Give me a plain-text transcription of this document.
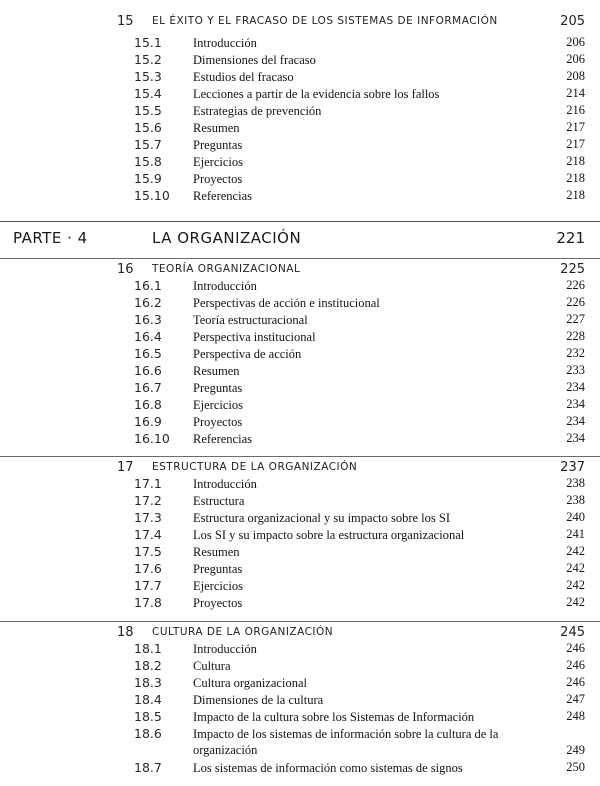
15 EL ÉXITO Y EL FRACASO DE LOS SISTEMAS DE INFORMACIÓN	205
15.1	Introducción	206
15.2	Dimensiones del fracaso	206
15.3	Estudios del fracaso	208
15.4	Lecciones a partir de la evidencia sobre los fallos	214
15.5	Estrategias de prevención	216
15.6	Resumen	217
15.7	Preguntas	217
15.8	Ejercicios	218
15.9	Proyectos	218
15.10	Referencias	218
PARTE · 4	LA ORGANIZACIÓN	221
16 TEORÍA ORGANIZACIONAL	225
16.1	Introducción	226
16.2	Perspectivas de acción e institucional	226
16.3	Teoría estructuracional	227
16.4	Perspectiva institucional	228
16.5	Perspectiva de acción	232
16.6	Resumen	233
16.7	Preguntas	234
16.8	Ejercicios	234
16.9	Proyectos	234
16.10	Referencias	234
17 ESTRUCTURA DE LA ORGANIZACIÓN	237
17.1	Introducción	238
17.2	Estructura	238
17.3	Estructura organizacional y su impacto sobre los SI	240
17.4	Los SI y su impacto sobre la estructura organizacional	241
17.5	Resumen	242
17.6	Preguntas	242
17.7	Ejercicios	242
17.8	Proyectos	242
18 CULTURA DE LA ORGANIZACIÓN	245
18.1	Introducción	246
18.2	Cultura	246
18.3	Cultura organizacional	246
18.4	Dimensiones de la cultura	247
18.5	Impacto de la cultura sobre los Sistemas de Información	248
18.6	Impacto de los sistemas de información sobre la cultura de la organización	249
18.7	Los sistemas de información como sistemas de signos	250
